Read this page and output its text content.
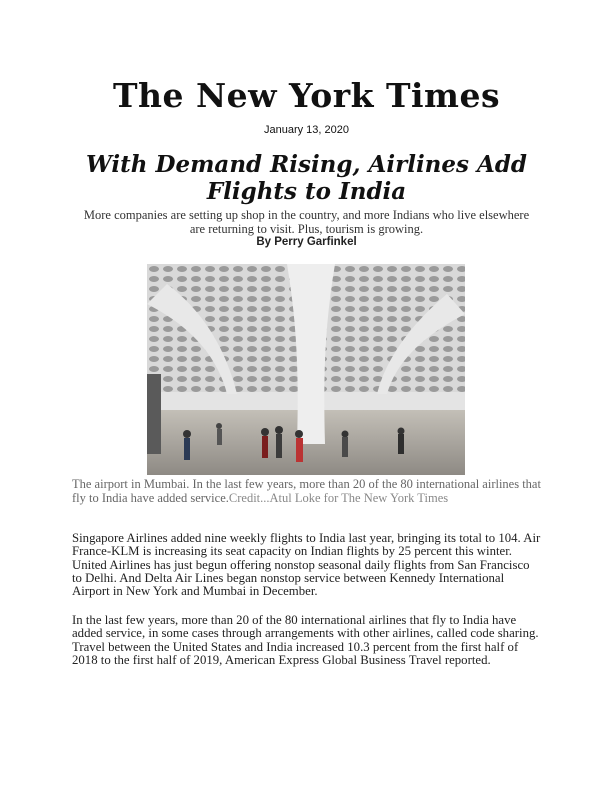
The New York Times
January 13, 2020
With Demand Rising, Airlines Add Flights to India
More companies are setting up shop in the country, and more Indians who live elsewhere are returning to visit. Plus, tourism is growing.
By Perry Garfinkel
The airport in Mumbai. In the last few years, more than 20 of the 80 international airlines that fly to India have added service.Credit...Atul Loke for The New York Times
Singapore Airlines added nine weekly flights to India last year, bringing its total to 104. Air France-KLM is increasing its seat capacity on Indian flights by 25 percent this winter. United Airlines has just begun offering nonstop seasonal daily flights from San Francisco to Delhi. And Delta Air Lines began nonstop service between Kennedy International Airport in New York and Mumbai in December.
In the last few years, more than 20 of the 80 international airlines that fly to India have added service, in some cases through arrangements with other airlines, called code sharing. Travel between the United States and India increased 10.3 percent from the first half of 2018 to the first half of 2019, American Express Global Business Travel reported.
